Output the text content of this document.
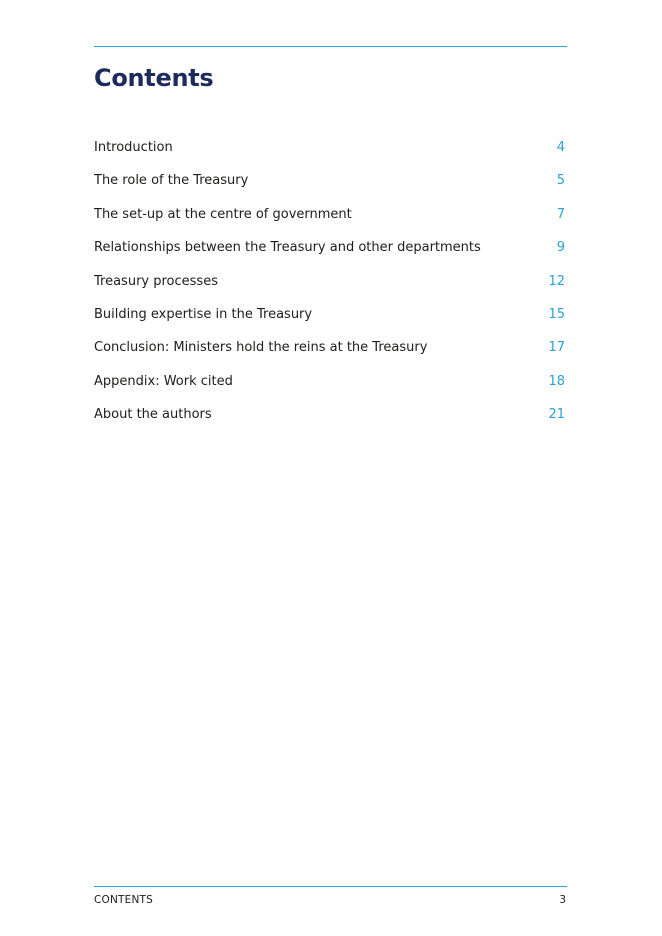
Contents
Introduction	4
The role of the Treasury	5
The set-up at the centre of government	7
Relationships between the Treasury and other departments	9
Treasury processes	12
Building expertise in the Treasury	15
Conclusion: Ministers hold the reins at the Treasury	17
Appendix: Work cited	18
About the authors	21
CONTENTS	3
